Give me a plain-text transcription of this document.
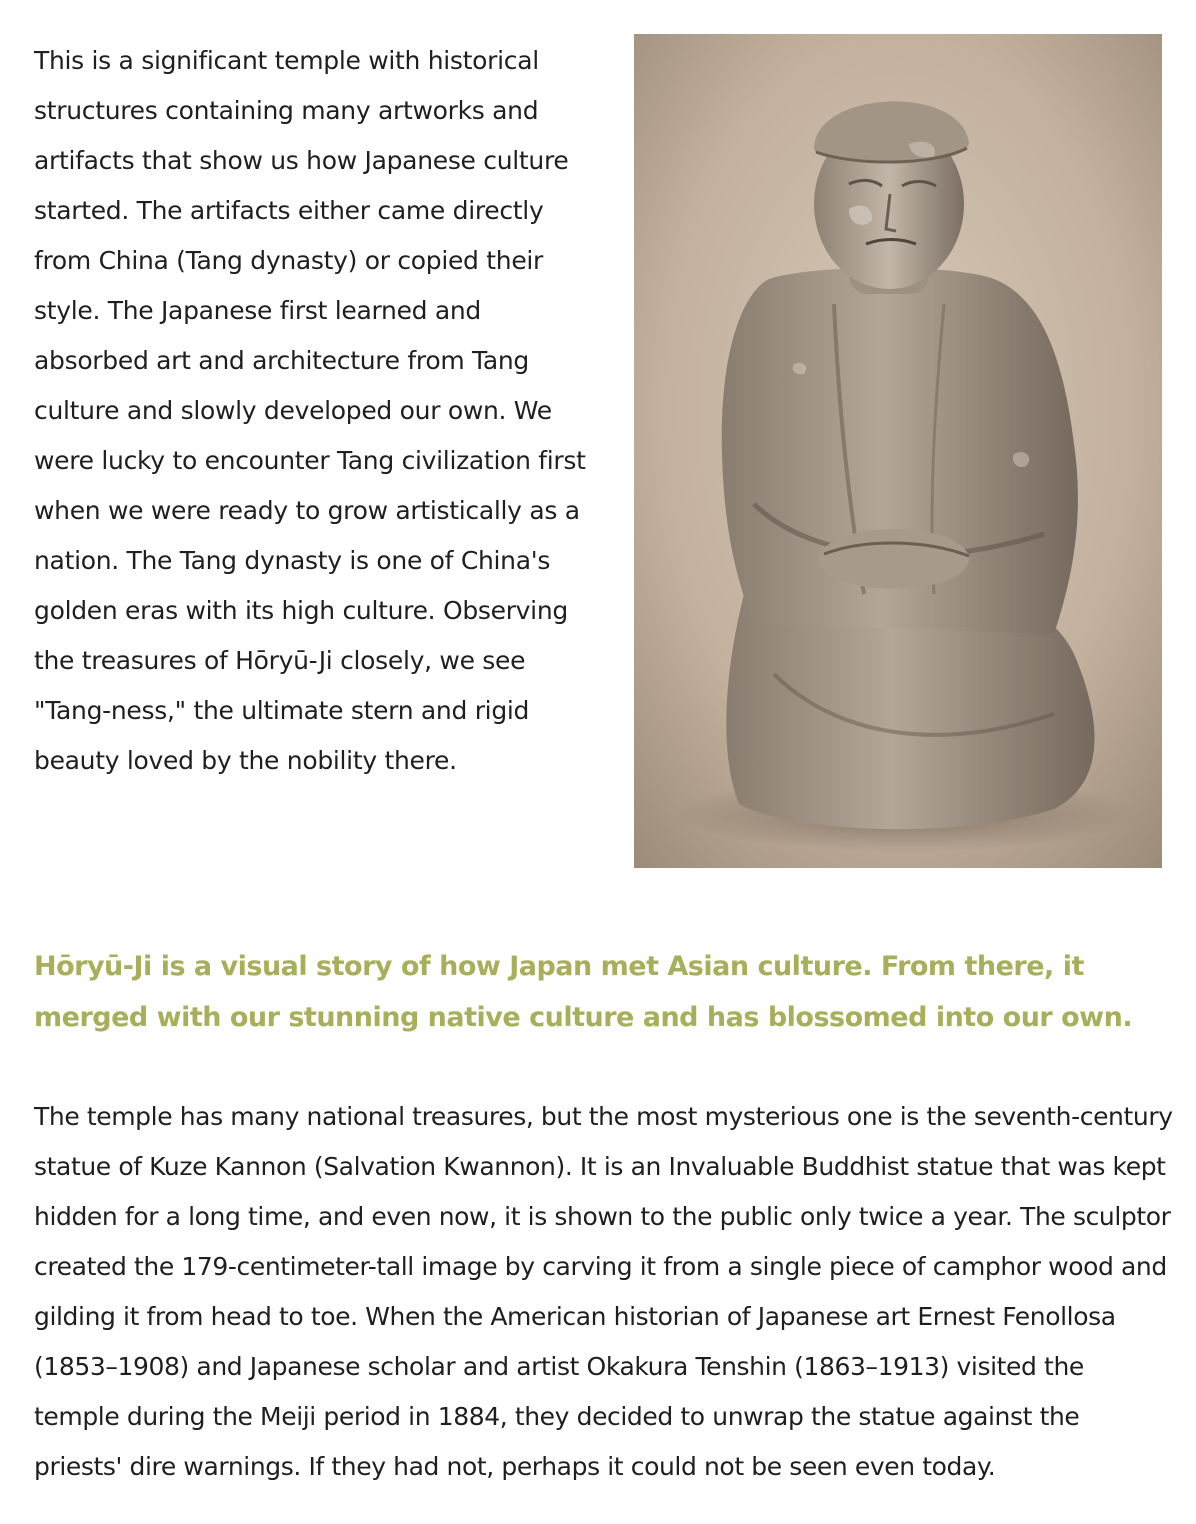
This is a significant temple with historical structures containing many artworks and artifacts that show us how Japanese culture started. The artifacts either came directly from China (Tang dynasty) or copied their style. The Japanese first learned and absorbed art and architecture from Tang culture and slowly developed our own. We were lucky to encounter Tang civilization first when we were ready to grow artistically as a nation. The Tang dynasty is one of China's golden eras with its high culture. Observing the treasures of Hōryū-Ji closely, we see "Tang-ness," the ultimate stern and rigid beauty loved by the nobility there.

Hōryū-Ji is a visual story of how Japan met Asian culture. From there, it merged with our stunning native culture and has blossomed into our own.

The temple has many national treasures, but the most mysterious one is the seventh-century statue of Kuze Kannon (Salvation Kwannon). It is an Invaluable Buddhist statue that was kept hidden for a long time, and even now, it is shown to the public only twice a year. The sculptor created the 179-centimeter-tall image by carving it from a single piece of camphor wood and gilding it from head to toe. When the American historian of Japanese art Ernest Fenollosa (1853–1908) and Japanese scholar and artist Okakura Tenshin (1863–1913) visited the temple during the Meiji period in 1884, they decided to unwrap the statue against the priests' dire warnings. If they had not, perhaps it could not be seen even today.
